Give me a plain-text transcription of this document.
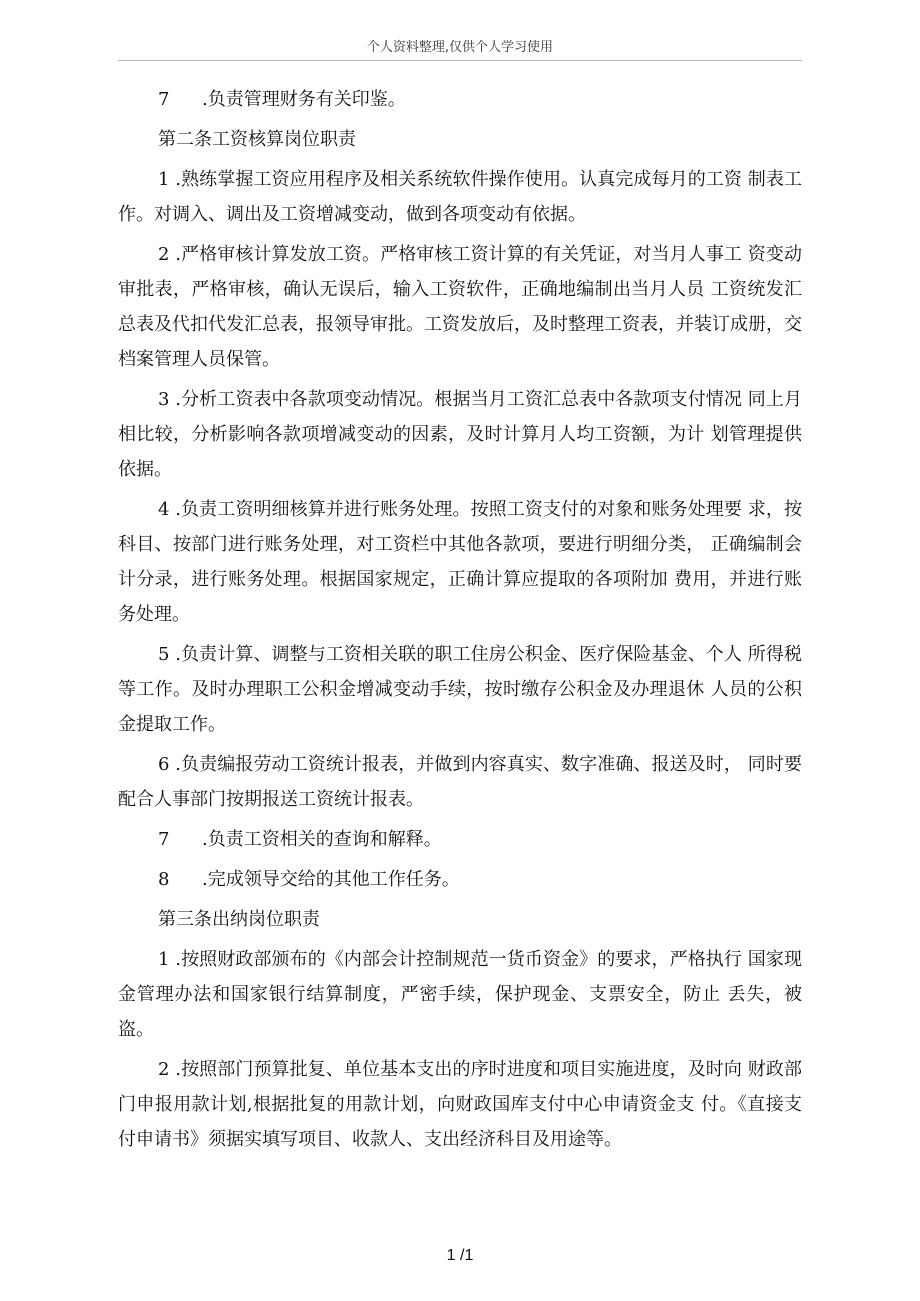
个人资料整理,仅供个人学习使用

7 .负责管理财务有关印鉴。

第二条工资核算岗位职责

1 .熟练掌握工资应用程序及相关系统软件操作使用。认真完成每月的工资 制表工作。对调入、调出及工资增减变动，做到各项变动有依据。

2 .严格审核计算发放工资。严格审核工资计算的有关凭证，对当月人事工 资变动审批表，严格审核，确认无误后，输入工资软件，正确地编制出当月人员 工资统发汇总表及代扣代发汇总表，报领导审批。工资发放后，及时整理工资表，并装订成册，交档案管理人员保管。

3 .分析工资表中各款项变动情况。根据当月工资汇总表中各款项支付情况 同上月相比较，分析影响各款项增减变动的因素，及时计算月人均工资额，为计 划管理提供依据。

4 .负责工资明细核算并进行账务处理。按照工资支付的对象和账务处理要 求，按科目、按部门进行账务处理，对工资栏中其他各款项，要进行明细分类， 正确编制会计分录，进行账务处理。根据国家规定，正确计算应提取的各项附加 费用，并进行账务处理。

5 .负责计算、调整与工资相关联的职工住房公积金、医疗保险基金、个人 所得税等工作。及时办理职工公积金增减变动手续，按时缴存公积金及办理退休 人员的公积金提取工作。

6 .负责编报劳动工资统计报表，并做到内容真实、数字准确、报送及时， 同时要配合人事部门按期报送工资统计报表。

7 .负责工资相关的查询和解释。

8 .完成领导交给的其他工作任务。

第三条出纳岗位职责

1 .按照财政部颁布的《内部会计控制规范一货币资金》的要求，严格执行 国家现金管理办法和国家银行结算制度，严密手续，保护现金、支票安全，防止 丢失，被盗。

2 .按照部门预算批复、单位基本支出的序时进度和项目实施进度，及时向 财政部门申报用款计划,根据批复的用款计划，向财政国库支付中心申请资金支 付。《直接支付申请书》须据实填写项目、收款人、支出经济科目及用途等。

1 /1
